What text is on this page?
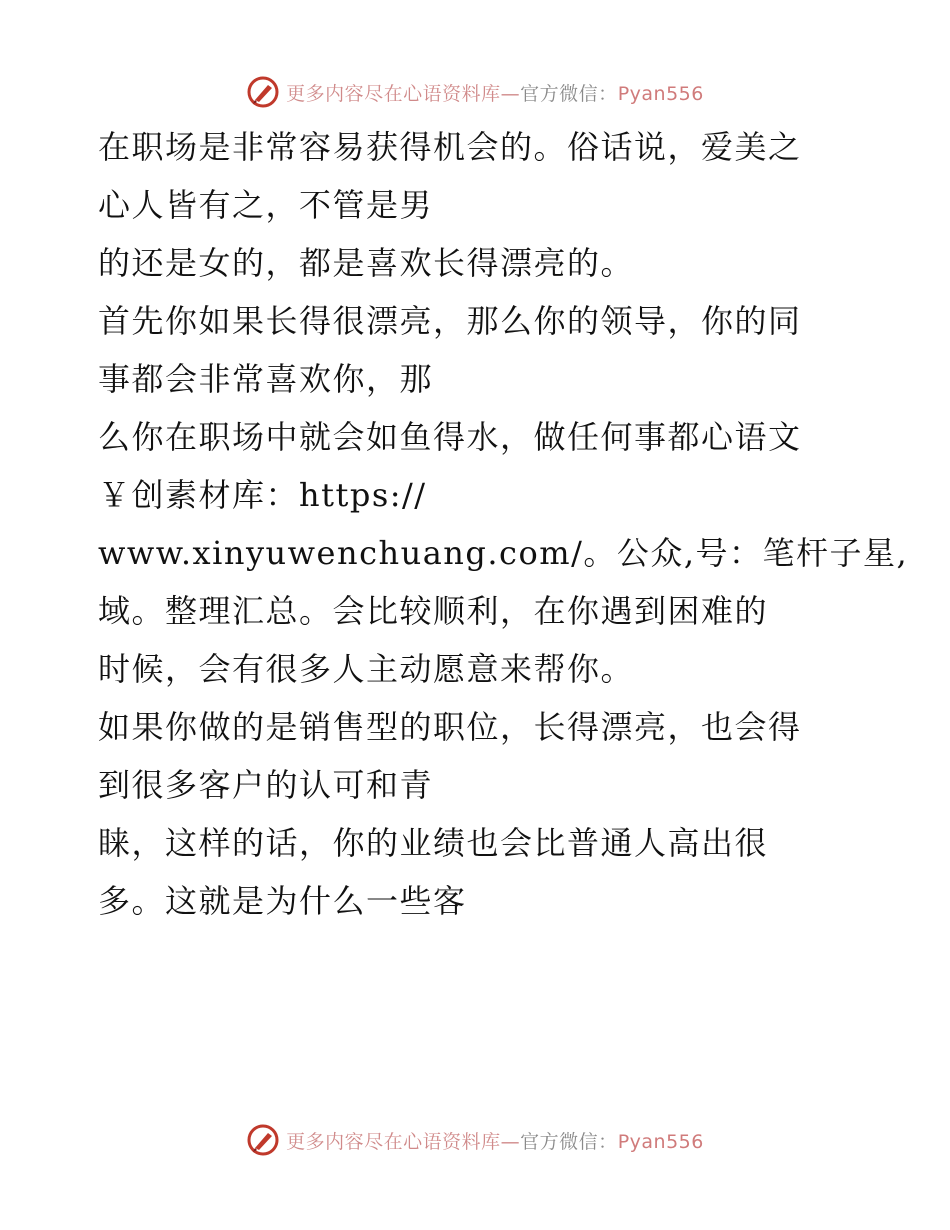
更多内容尽在心语资料库—官方微信：Pyan556

在职场是非常容易获得机会的。俗话说，爱美之

心人皆有之，不管是男

的还是女的，都是喜欢长得漂亮的。

首先你如果长得很漂亮，那么你的领导，你的同

事都会非常喜欢你，那

么你在职场中就会如鱼得水，做任何事都心语文

￥创素材库：https://

www.xinyuwenchuang.com/。公众,号：笔杆子星,

域。整理汇总。会比较顺利，在你遇到困难的

时候，会有很多人主动愿意来帮你。

如果你做的是销售型的职位，长得漂亮，也会得

到很多客户的认可和青

睐，这样的话，你的业绩也会比普通人高出很

多。这就是为什么一些客

更多内容尽在心语资料库—官方微信：Pyan556
